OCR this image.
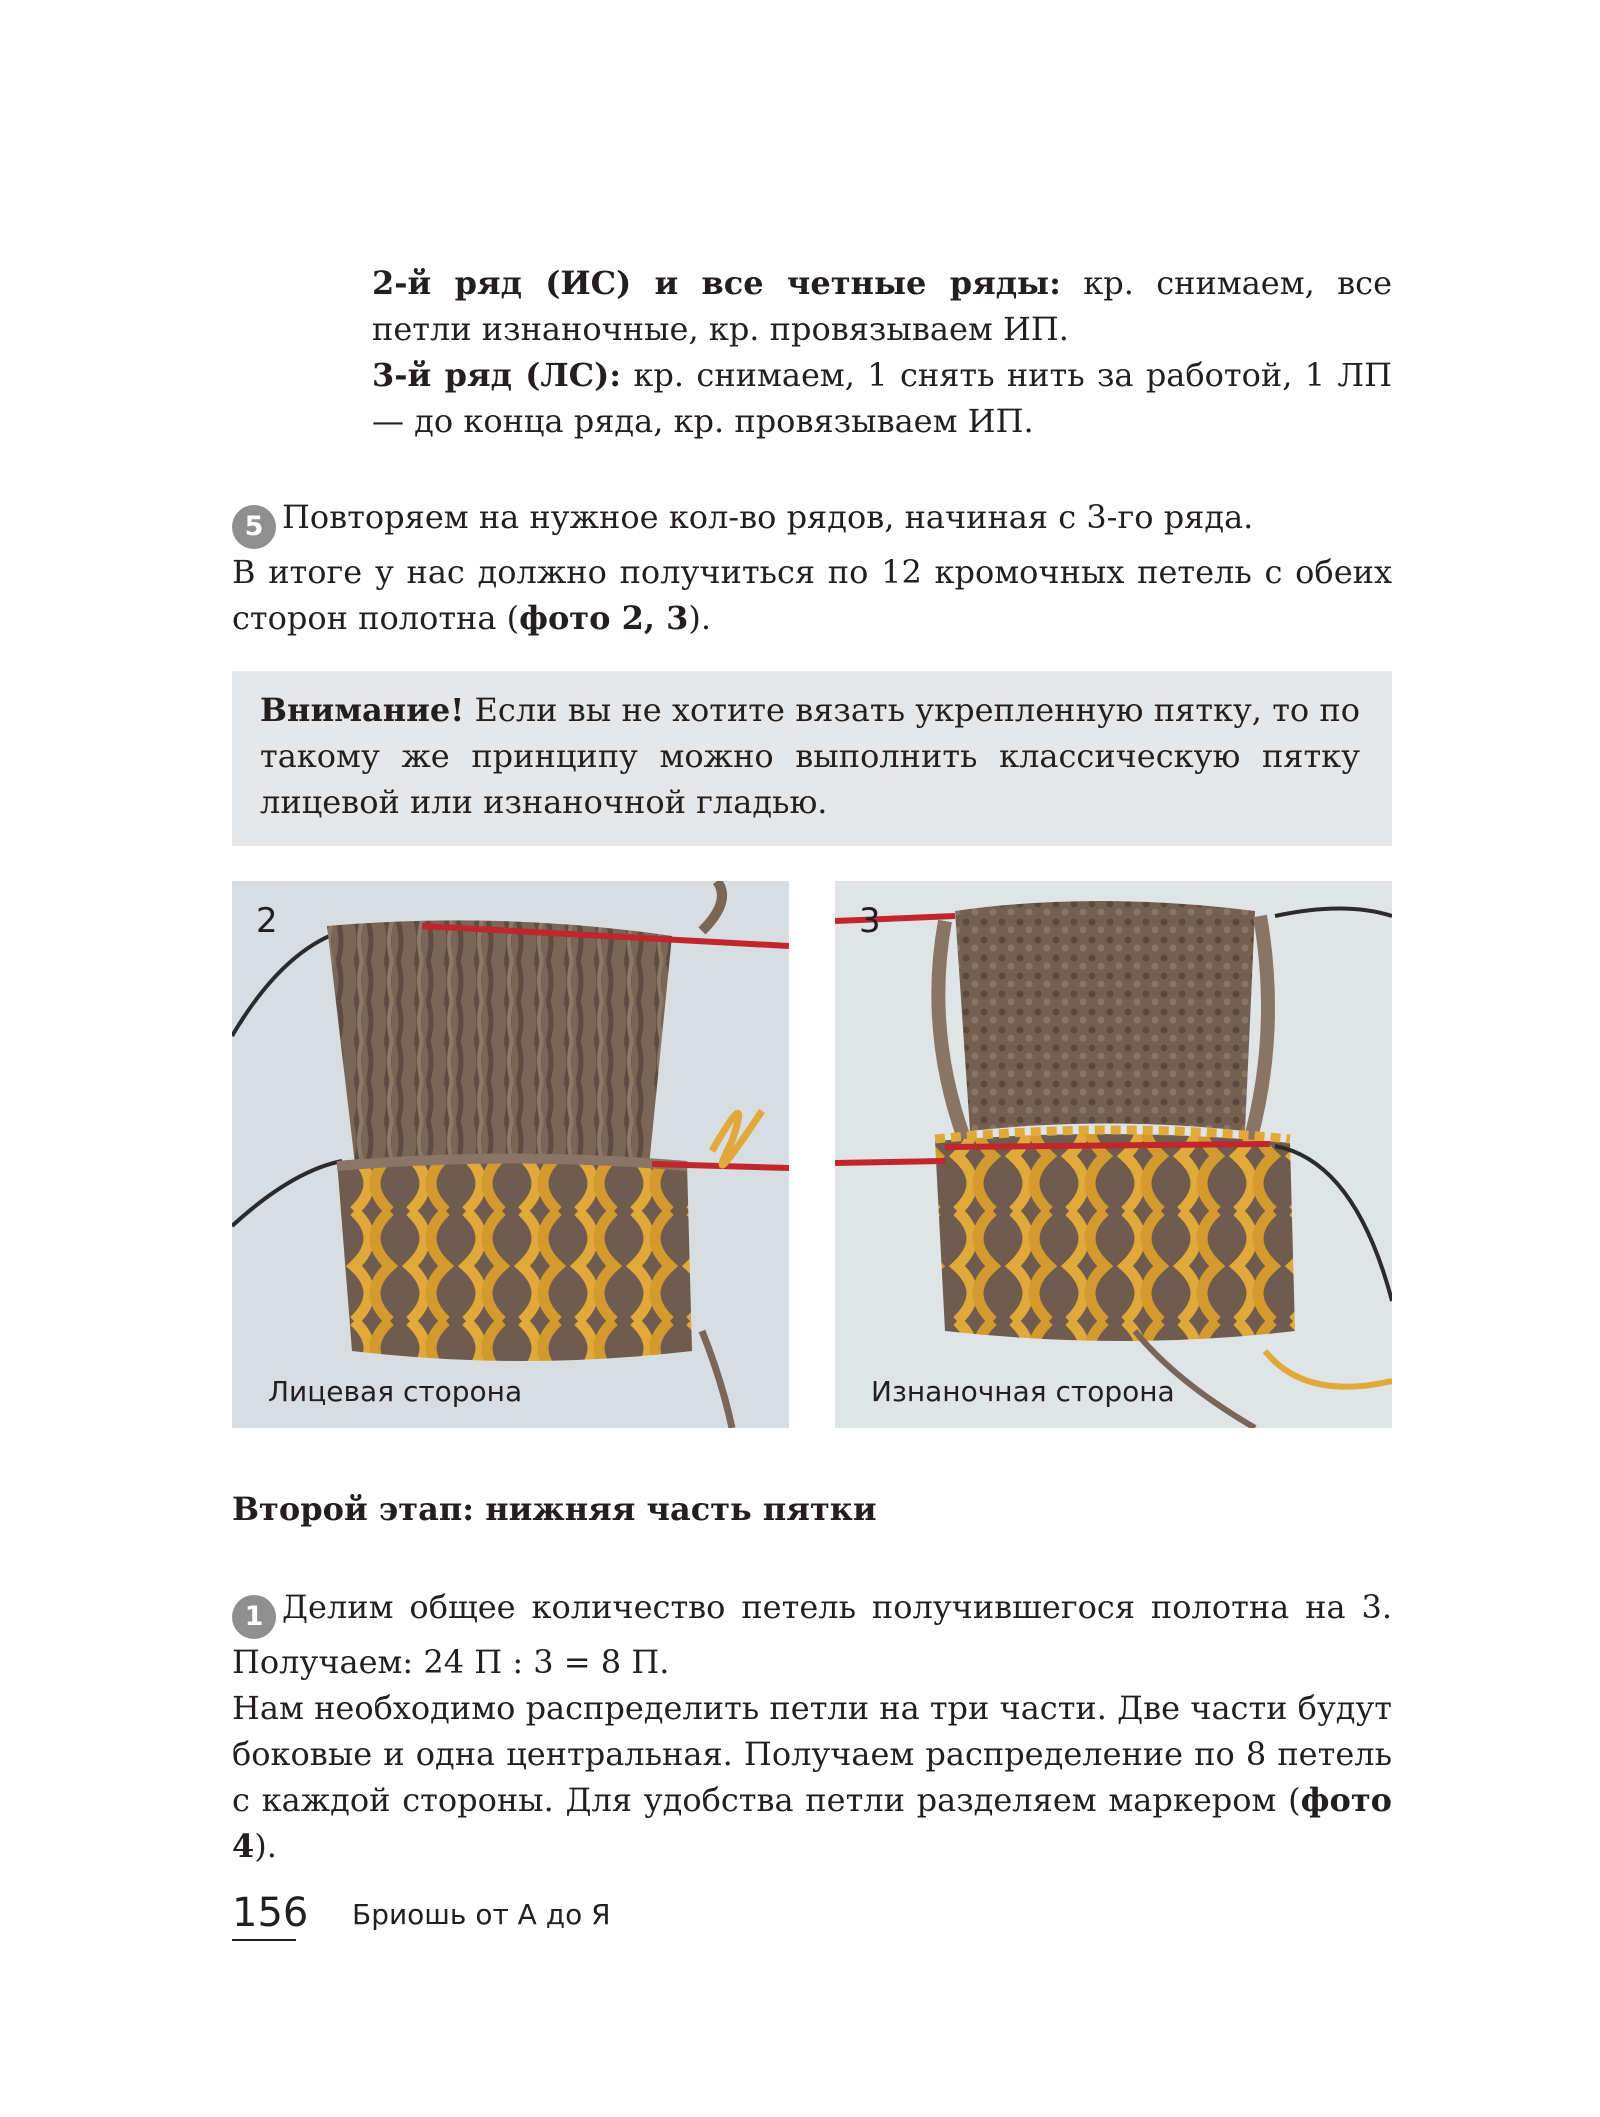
2-й ряд (ИС) и все четные ряды: кр. снимаем, все петли изнаночные, кр. провязываем ИП.
3-й ряд (ЛС): кр. снимаем, 1 снять нить за работой, 1 ЛП — до конца ряда, кр. провязываем ИП.
5 Повторяем на нужное кол-во рядов, начиная с 3-го ряда.
В итоге у нас должно получиться по 12 кромочных петель с обеих сторон полотна (фото 2, 3).
Внимание! Если вы не хотите вязать укрепленную пятку, то по такому же принципу можно выполнить классическую пятку лицевой или изнаночной гладью.
2
Лицевая сторона
3
Изнаночная сторона
Второй этап: нижняя часть пятки
1 Делим общее количество петель получившегося полотна на 3. Получаем: 24 П : 3 = 8 П.
Нам необходимо распределить петли на три части. Две части будут боковые и одна центральная. Получаем распределение по 8 петель с каждой стороны. Для удобства петли разделяем маркером (фото 4).
156 Бриошь от А до Я
